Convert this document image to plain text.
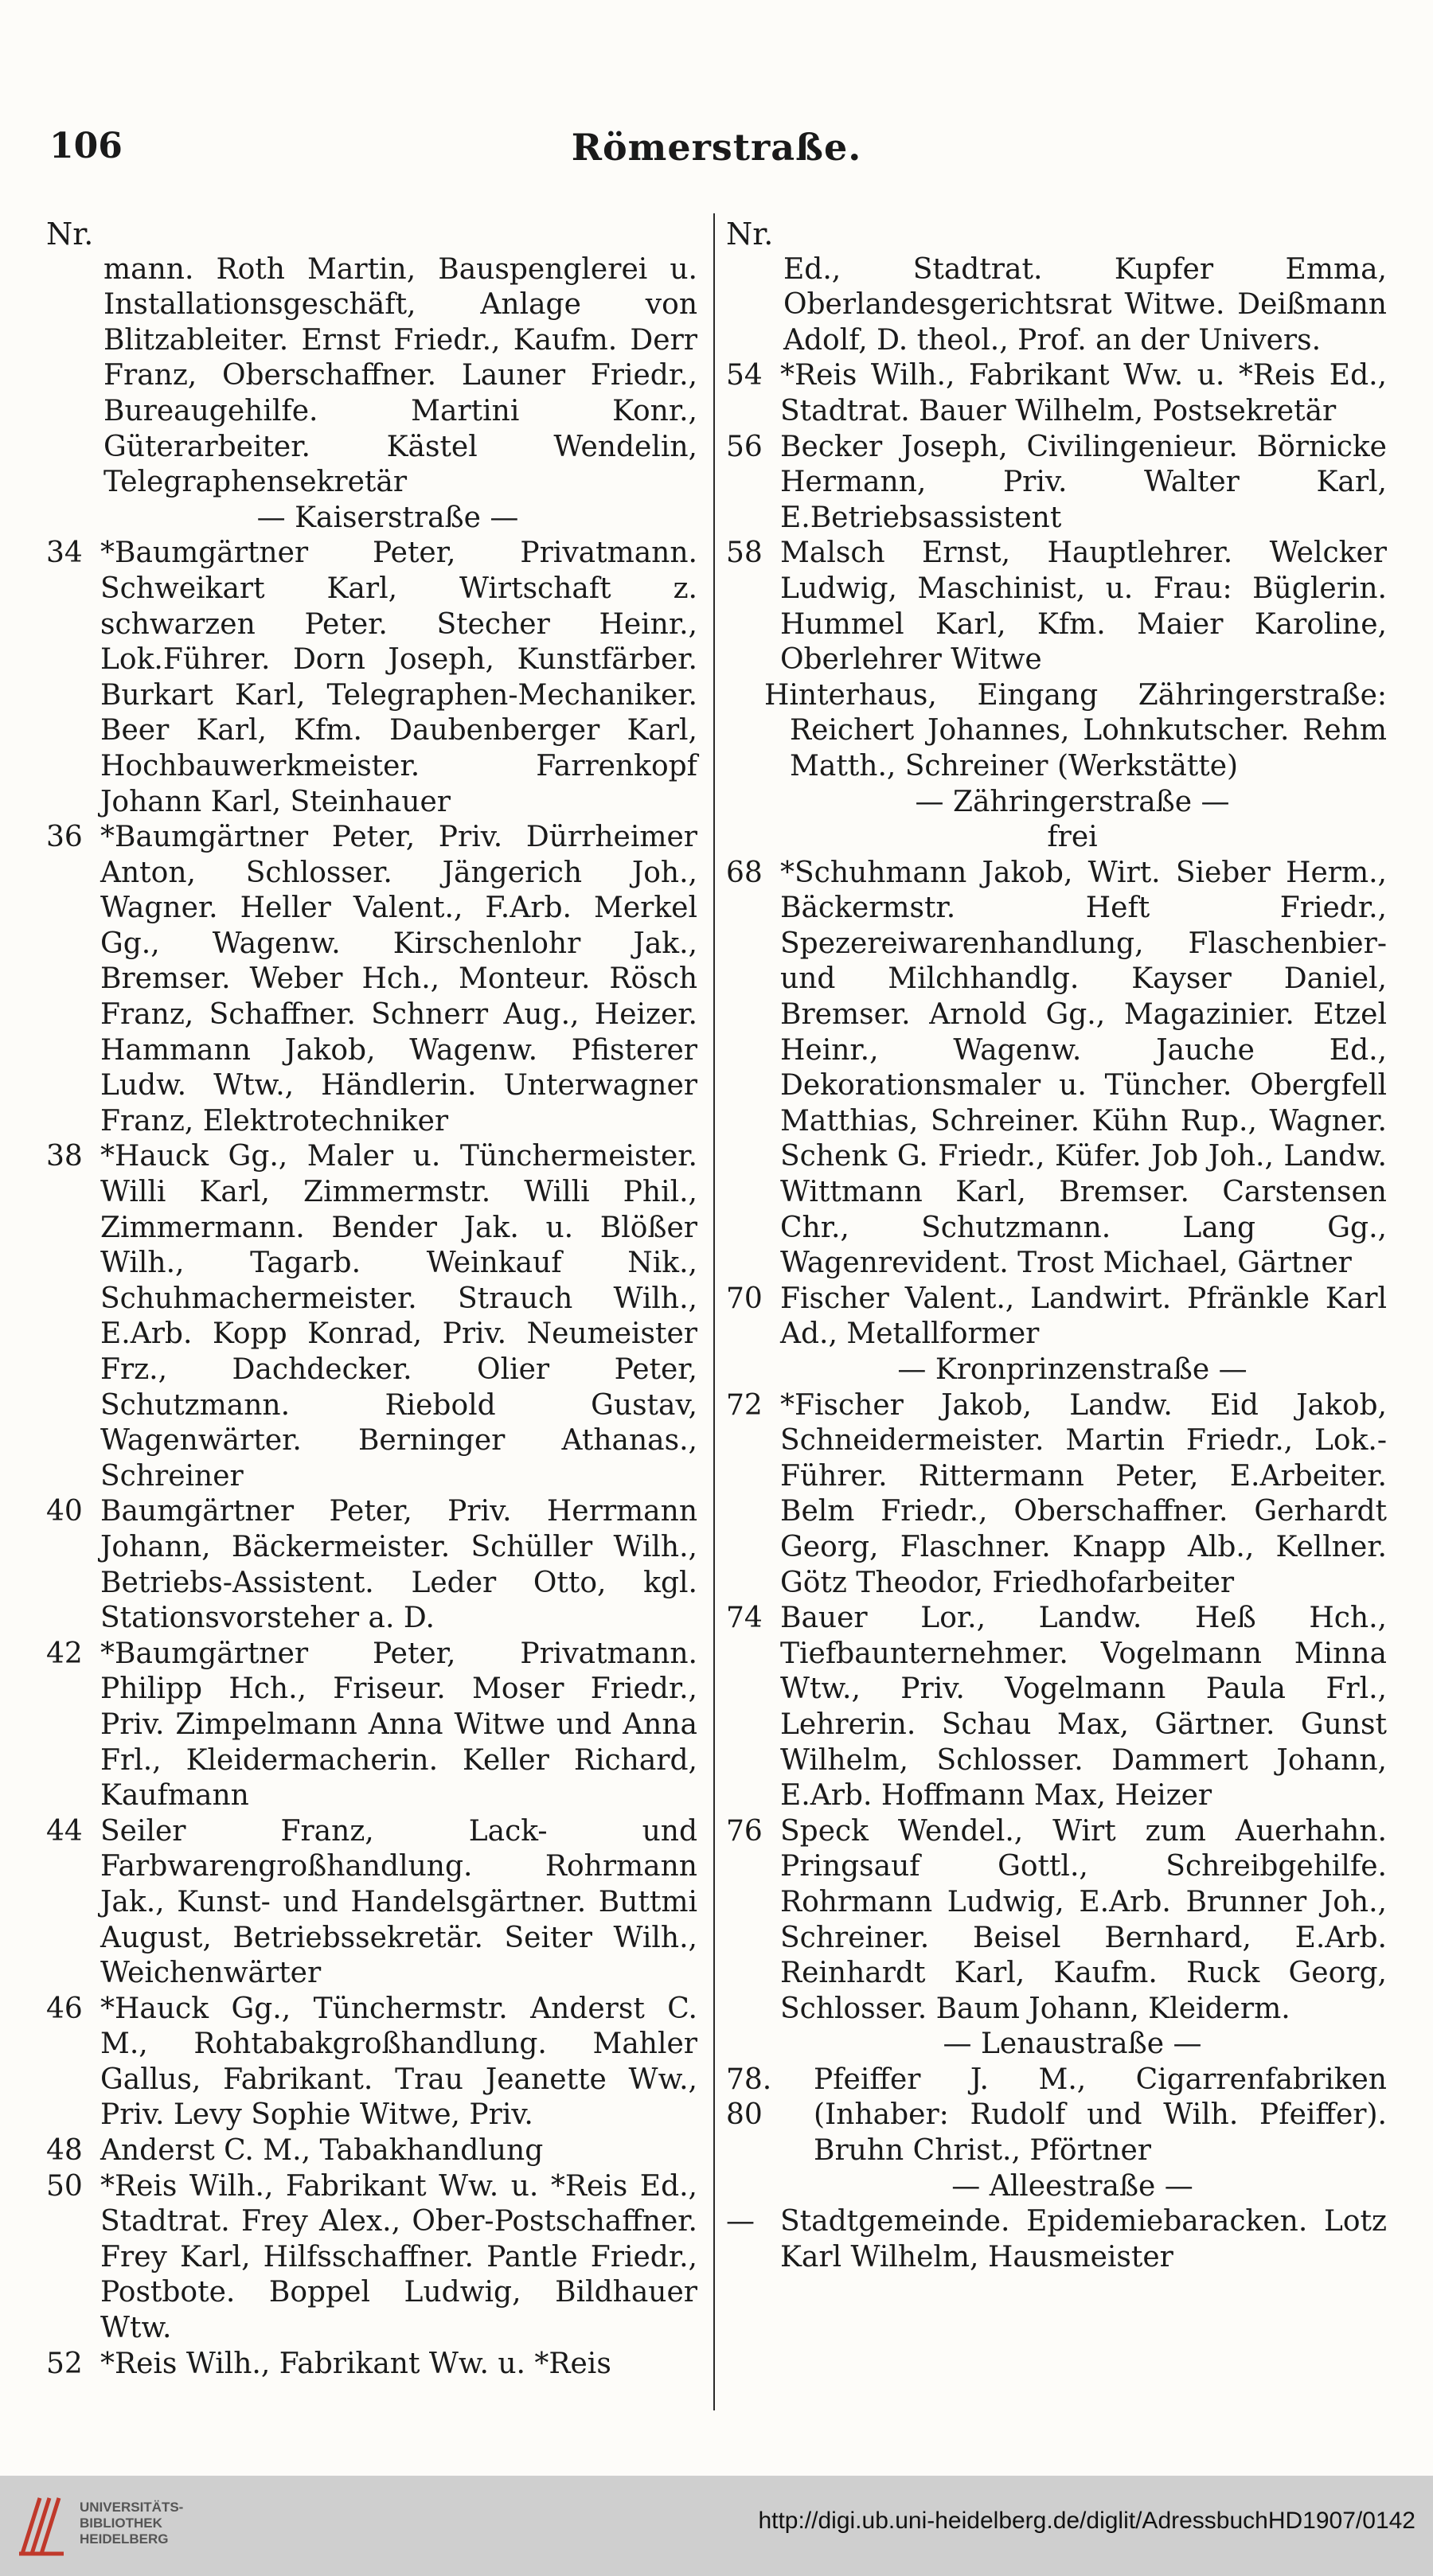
106	Römerstraße.
Nr.
mann. Roth Martin, Bauspenglerei u. Installationsgeschäft, Anlage von Blitzableiter. Ernst Friedr., Kaufm. Derr Franz, Oberschaffner. Launer Friedr., Bureaugehilfe. Martini Konr., Güterarbeiter. Kästel Wendelin, Telegraphensekretär
— Kaiserstraße —
34 *Baumgärtner Peter, Privatmann. Schweikart Karl, Wirtschaft z. schwarzen Peter. Stecher Heinr., Lok.Führer. Dorn Joseph, Kunstfärber. Burkart Karl, Telegraphen-Mechaniker. Beer Karl, Kfm. Daubenberger Karl, Hochbauwerkmeister. Farrenkopf Johann Karl, Steinhauer
36 *Baumgärtner Peter, Priv. Dürrheimer Anton, Schlosser. Jängerich Joh., Wagner. Heller Valent., F.Arb. Merkel Gg., Wagenw. Kirschenlohr Jak., Bremser. Weber Hch., Monteur. Rösch Franz, Schaffner. Schnerr Aug., Heizer. Hammann Jakob, Wagenw. Pfisterer Ludw. Wtw., Händlerin. Unterwagner Franz, Elektrotechniker
38 *Hauck Gg., Maler u. Tünchermeister. Willi Karl, Zimmermstr. Willi Phil., Zimmermann. Bender Jak. u. Blößer Wilh., Tagarb. Weinkauf Nik., Schuhmachermeister. Strauch Wilh., E.Arb. Kopp Konrad, Priv. Neumeister Frz., Dachdecker. Olier Peter, Schutzmann. Riebold Gustav, Wagenwärter. Berninger Athanas., Schreiner
40 Baumgärtner Peter, Priv. Herrmann Johann, Bäckermeister. Schüller Wilh., Betriebs-Assistent. Leder Otto, kgl. Stationsvorsteher a. D.
42 *Baumgärtner Peter, Privatmann. Philipp Hch., Friseur. Moser Friedr., Priv. Zimpelmann Anna Witwe und Anna Frl., Kleidermacherin. Keller Richard, Kaufmann
44 Seiler Franz, Lack- und Farbwarengroßhandlung. Rohrmann Jak., Kunst- und Handelsgärtner. Buttmi August, Betriebssekretär. Seiter Wilh., Weichenwärter
46 *Hauck Gg., Tünchermstr. Anderst C. M., Rohtabakgroßhandlung. Mahler Gallus, Fabrikant. Trau Jeanette Ww., Priv. Levy Sophie Witwe, Priv.
48 Anderst C. M., Tabakhandlung
50 *Reis Wilh., Fabrikant Ww. u. *Reis Ed., Stadtrat. Frey Alex., Ober-Postschaffner. Frey Karl, Hilfsschaffner. Pantle Friedr., Postbote. Boppel Ludwig, Bildhauer Wtw.
52 *Reis Wilh., Fabrikant Ww. u. *Reis
Nr.
Ed., Stadtrat. Kupfer Emma, Oberlandesgerichtsrat Witwe. Deißmann Adolf, D. theol., Prof. an der Univers.
54 *Reis Wilh., Fabrikant Ww. u. *Reis Ed., Stadtrat. Bauer Wilhelm, Postsekretär
56 Becker Joseph, Civilingenieur. Börnicke Hermann, Priv. Walter Karl, E.Betriebsassistent
58 Malsch Ernst, Hauptlehrer. Welcker Ludwig, Maschinist, u. Frau: Büglerin. Hummel Karl, Kfm. Maier Karoline, Oberlehrer Witwe
Hinterhaus, Eingang Zähringerstraße: Reichert Johannes, Lohnkutscher. Rehm Matth., Schreiner (Werkstätte)
— Zähringerstraße —
frei
68 *Schuhmann Jakob, Wirt. Sieber Herm., Bäckermstr. Heft Friedr., Spezereiwarenhandlung, Flaschenbier- und Milchhandlg. Kayser Daniel, Bremser. Arnold Gg., Magazinier. Etzel Heinr., Wagenw. Jauche Ed., Dekorationsmaler u. Tüncher. Obergfell Matthias, Schreiner. Kühn Rup., Wagner. Schenk G. Friedr., Küfer. Job Joh., Landw. Wittmann Karl, Bremser. Carstensen Chr., Schutzmann. Lang Gg., Wagenrevident. Trost Michael, Gärtner
70 Fischer Valent., Landwirt. Pfränkle Karl Ad., Metallformer
— Kronprinzenstraße —
72 *Fischer Jakob, Landw. Eid Jakob, Schneidermeister. Martin Friedr., Lok.-Führer. Rittermann Peter, E.Arbeiter. Belm Friedr., Oberschaffner. Gerhardt Georg, Flaschner. Knapp Alb., Kellner. Götz Theodor, Friedhofarbeiter
74 Bauer Lor., Landw. Heß Hch., Tiefbaunternehmer. Vogelmann Minna Wtw., Priv. Vogelmann Paula Frl., Lehrerin. Schau Max, Gärtner. Gunst Wilhelm, Schlosser. Dammert Johann, E.Arb. Hoffmann Max, Heizer
76 Speck Wendel., Wirt zum Auerhahn. Pringsauf Gottl., Schreibgehilfe. Rohrmann Ludwig, E.Arb. Brunner Joh., Schreiner. Beisel Bernhard, E.Arb. Reinhardt Karl, Kaufm. Ruck Georg, Schlosser. Baum Johann, Kleiderm.
— Lenaustraße —
78. 80
Pfeiffer J. M., Cigarrenfabriken (Inhaber: Rudolf und Wilh. Pfeiffer). Bruhn Christ., Pförtner
— Alleestraße —
— Stadtgemeinde. Epidemiebaracken. Lotz Karl Wilhelm, Hausmeister
UNIVERSITÄTS-
BIBLIOTHEK
HEIDELBERG
http://digi.ub.uni-heidelberg.de/diglit/AdressbuchHD1907/0142
